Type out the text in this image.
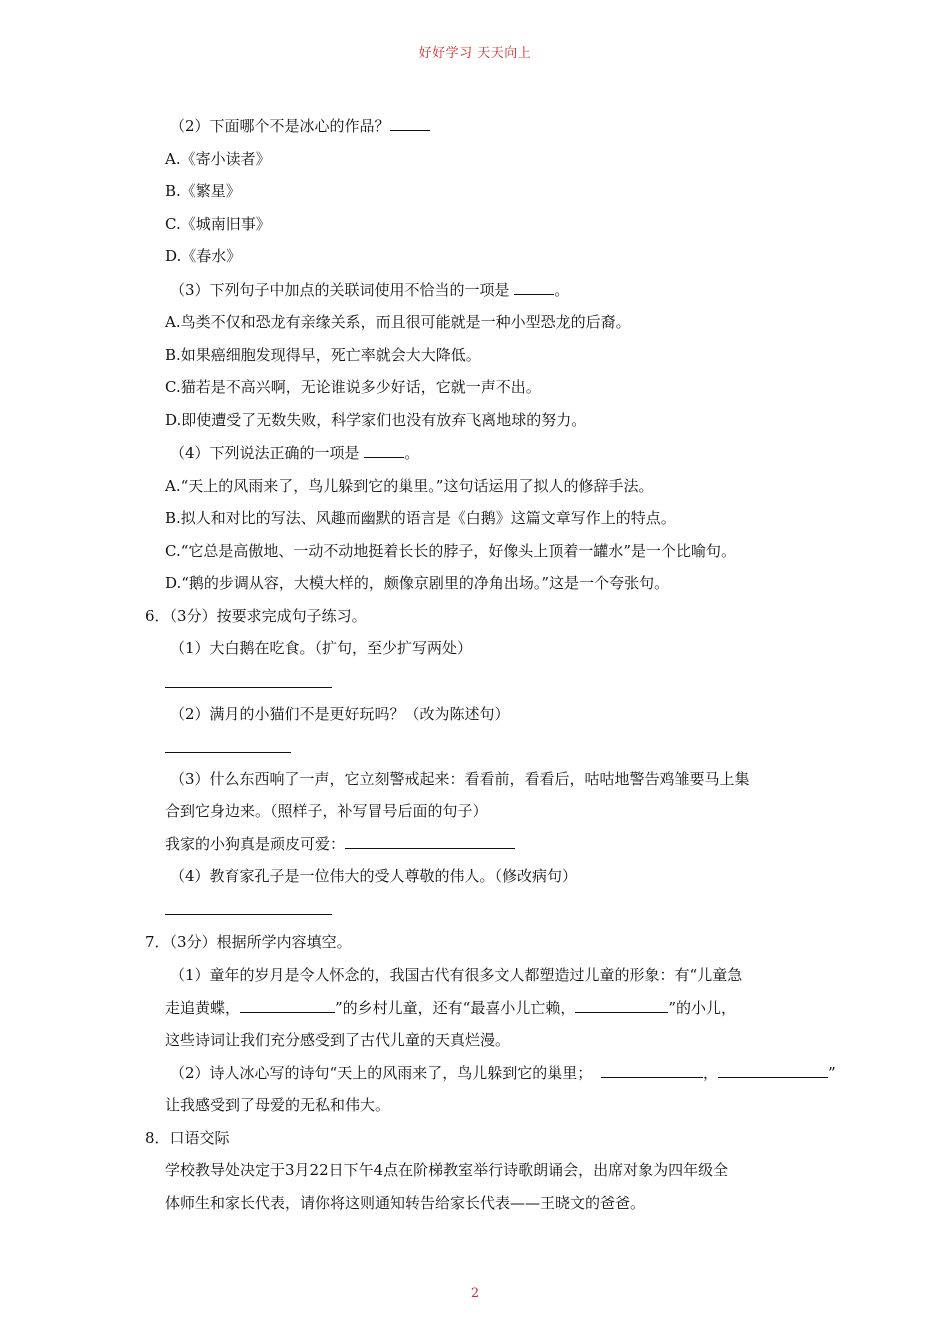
好好学习 天天向上
（2）下面哪个不是冰心的作品？
A.《寄小读者》
B.《繁星》
C.《城南旧事》
D.《春水》
（3）下列句子中加点的关联词使用不恰当的一项是	。
A.鸟类不仅和恐龙有亲缘关系，而且很可能就是一种小型恐龙的后裔。
B.如果癌细胞发现得早，死亡率就会大大降低。
C.猫若是不高兴啊，无论谁说多少好话，它就一声不出。
D.即使遭受了无数失败，科学家们也没有放弃飞离地球的努力。
（4）下列说法正确的一项是	。
A.“天上的风雨来了，鸟儿躲到它的巢里。”这句话运用了拟人的修辞手法。
B.拟人和对比的写法、风趣而幽默的语言是《白鹅》这篇文章写作上的特点。
C.“它总是高傲地、一动不动地挺着长长的脖子，好像头上顶着一罐水”是一个比喻句。
D.“鹅的步调从容，大模大样的，颇像京剧里的净角出场。”这是一个夸张句。
6．（3分）按要求完成句子练习。
（1）大白鹅在吃食。（扩句，至少扩写两处）
（2）满月的小猫们不是更好玩吗？（改为陈述句）
（3）什么东西响了一声，它立刻警戒起来：看看前，看看后，咕咕地警告鸡雏要马上集
合到它身边来。（照样子，补写冒号后面的句子）
我家的小狗真是顽皮可爱：
（4）教育家孔子是一位伟大的受人尊敬的伟人。（修改病句）
7．（3分）根据所学内容填空。
（1）童年的岁月是令人怀念的，我国古代有很多文人都塑造过儿童的形象：有“儿童急
走追黄蝶，	”的乡村儿童，还有“最喜小儿亡赖，	”的小儿，
这些诗词让我们充分感受到了古代儿童的天真烂漫。
（2）诗人冰心写的诗句“天上的风雨来了，鸟儿躲到它的巢里；	，	”
让我感受到了母爱的无私和伟大。
8．口语交际
学校教导处决定于3月22日下午4点在阶梯教室举行诗歌朗诵会，出席对象为四年级全
体师生和家长代表，请你将这则通知转告给家长代表——王晓文的爸爸。
2
